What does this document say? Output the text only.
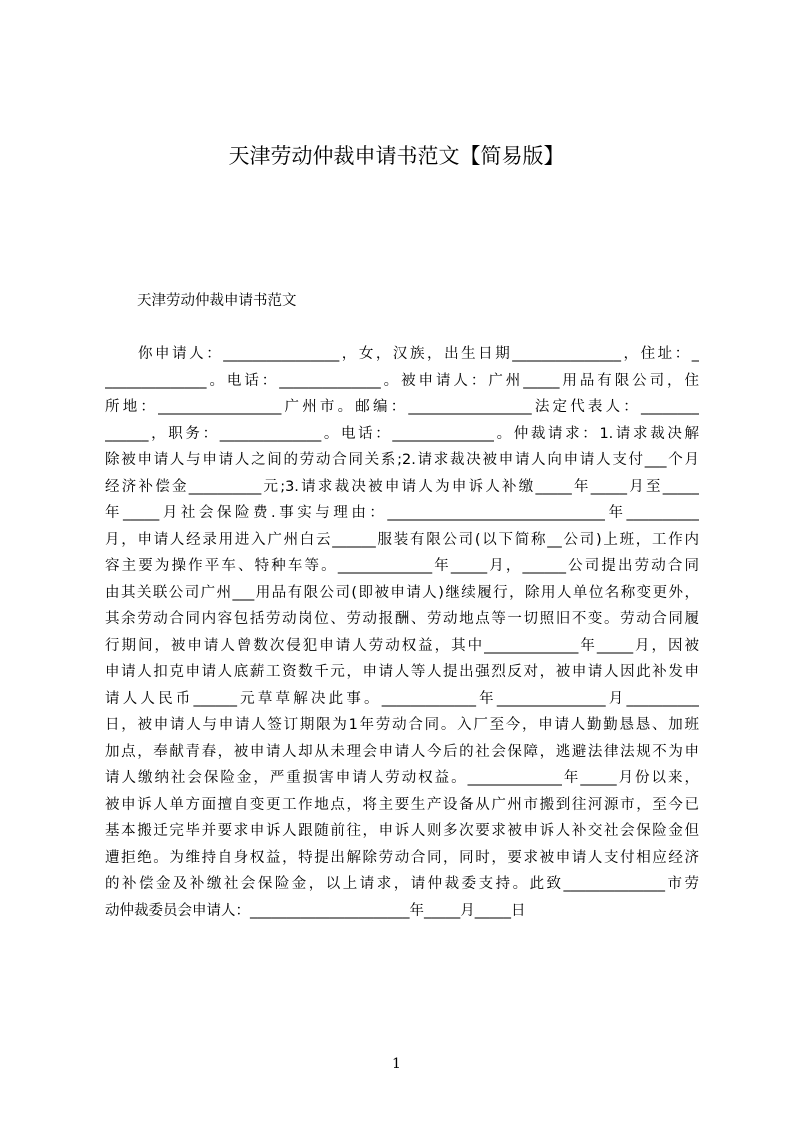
天津劳动仲裁申请书范文【简易版】
天津劳动仲裁申请书范文
你申请人：________________，女，汉族，出生日期_______________，住址：_
______________。电话：______________。被申请人：广州_____用品有限公司，住
所地：_________________广州市。邮编：_________________法定代表人：________
______，职务：______________。电话：______________。仲裁请求：1.请求裁决解
除被申请人与申请人之间的劳动合同关系;2.请求裁决被申请人向申请人支付___个月
经济补偿金__________元;3.请求裁决被申请人为申诉人补缴_____年_____月至_____
年_____月社会保险费.事实与理由：______________________________年__________
月，申请人经录用进入广州白云______服装有限公司(以下简称__公司)上班，工作内
容主要为操作平车、特种车等。_____________年_____月，______公司提出劳动合同
由其关联公司广州___用品有限公司(即被申请人)继续履行，除用人单位名称变更外，
其余劳动合同内容包括劳动岗位、劳动报酬、劳动地点等一切照旧不变。劳动合同履
行期间，被申请人曾数次侵犯申请人劳动权益，其中_____________年_____月，因被
申请人扣克申请人底薪工资数千元，申请人等人提出强烈反对，被申请人因此补发申
请人人民币______元草草解决此事。_____________年_______________月__________
日，被申请人与申请人签订期限为1年劳动合同。入厂至今，申请人勤勤恳恳、加班
加点，奉献青春，被申请人却从未理会申请人今后的社会保障，逃避法律法规不为申
请人缴纳社会保险金，严重损害申请人劳动权益。_____________年_____月份以来，
被申诉人单方面擅自变更工作地点，将主要生产设备从广州市搬到往河源市，至今已
基本搬迁完毕并要求申诉人跟随前往，申诉人则多次要求被申诉人补交社会保险金但
遭拒绝。为维持自身权益，特提出解除劳动合同，同时，要求被申请人支付相应经济
的补偿金及补缴社会保险金，以上请求，请仲裁委支持。此致______________市劳
动仲裁委员会申请人：______________________年_____月_____日
1
